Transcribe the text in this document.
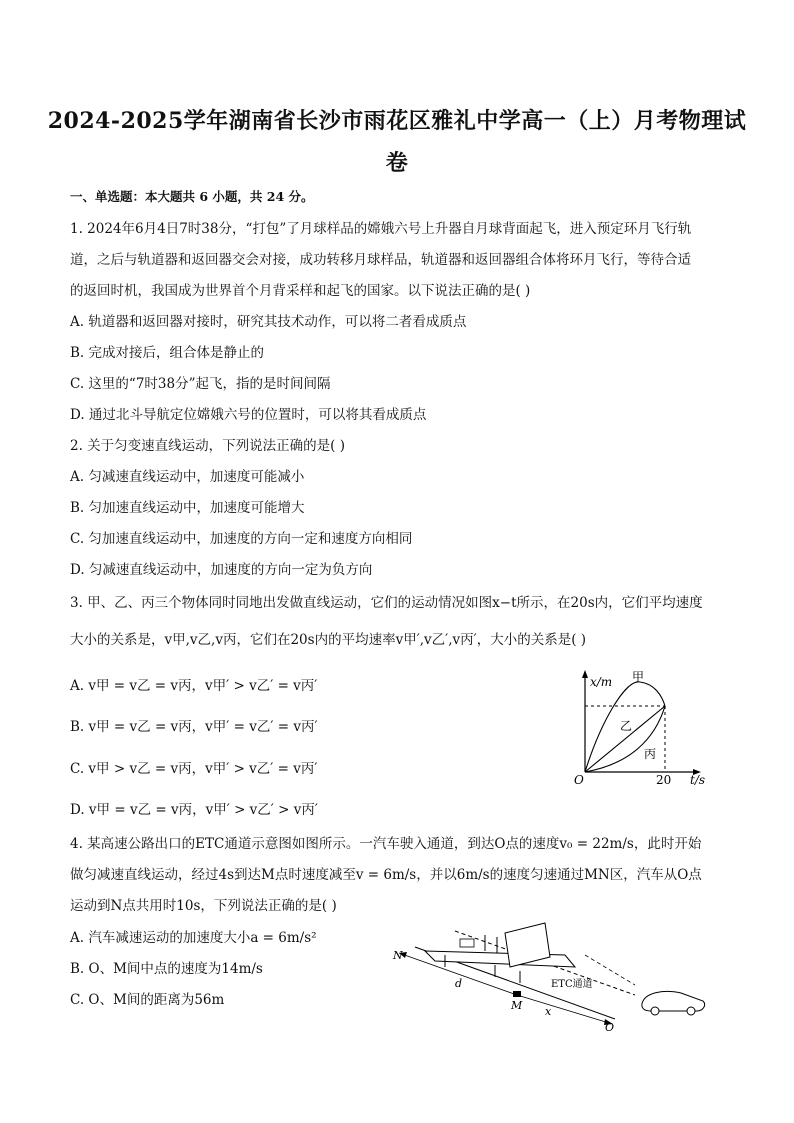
2024-2025学年湖南省长沙市雨花区雅礼中学高一（上）月考物理试
卷
一、单选题：本大题共 6 小题，共 24 分。
1. 2024年6月4日7时38分，“打包”了月球样品的嫦娥六号上升器自月球背面起飞，进入预定环月飞行轨
道，之后与轨道器和返回器交会对接，成功转移月球样品，轨道器和返回器组合体将环月飞行，等待合适
的返回时机，我国成为世界首个月背采样和起飞的国家。以下说法正确的是( )
A. 轨道器和返回器对接时，研究其技术动作，可以将二者看成质点
B. 完成对接后，组合体是静止的
C. 这里的“7时38分”起飞，指的是时间间隔
D. 通过北斗导航定位嫦娥六号的位置时，可以将其看成质点
2. 关于匀变速直线运动，下列说法正确的是( )
A. 匀减速直线运动中，加速度可能减小
B. 匀加速直线运动中，加速度可能增大
C. 匀加速直线运动中，加速度的方向一定和速度方向相同
D. 匀减速直线运动中，加速度的方向一定为负方向
3. 甲、乙、丙三个物体同时同地出发做直线运动，它们的运动情况如图x−t所示，在20s内，它们平均速度
大小的关系是，v甲,v乙,v丙，它们在20s内的平均速率v甲′,v乙′,v丙′，大小的关系是( )
A. v甲 = v乙 = v丙，v甲′ > v乙′ = v丙′
B. v甲 = v乙 = v丙，v甲′ = v乙′ = v丙′
C. v甲 > v乙 = v丙，v甲′ > v乙′ = v丙′
D. v甲 = v乙 = v丙，v甲′ > v乙′ > v丙′
x/m
t/s
O	20
甲
乙
丙
4. 某高速公路出口的ETC通道示意图如图所示。一汽车驶入通道，到达O点的速度v₀ = 22m/s，此时开始
做匀减速直线运动，经过4s到达M点时速度减至v = 6m/s，并以6m/s的速度匀速通过MN区，汽车从O点
运动到N点共用时10s，下列说法正确的是( )
A. 汽车减速运动的加速度大小a = 6m/s²
B. O、M间中点的速度为14m/s
C. O、M间的距离为56m
N
d
M x
O
ETC通道
